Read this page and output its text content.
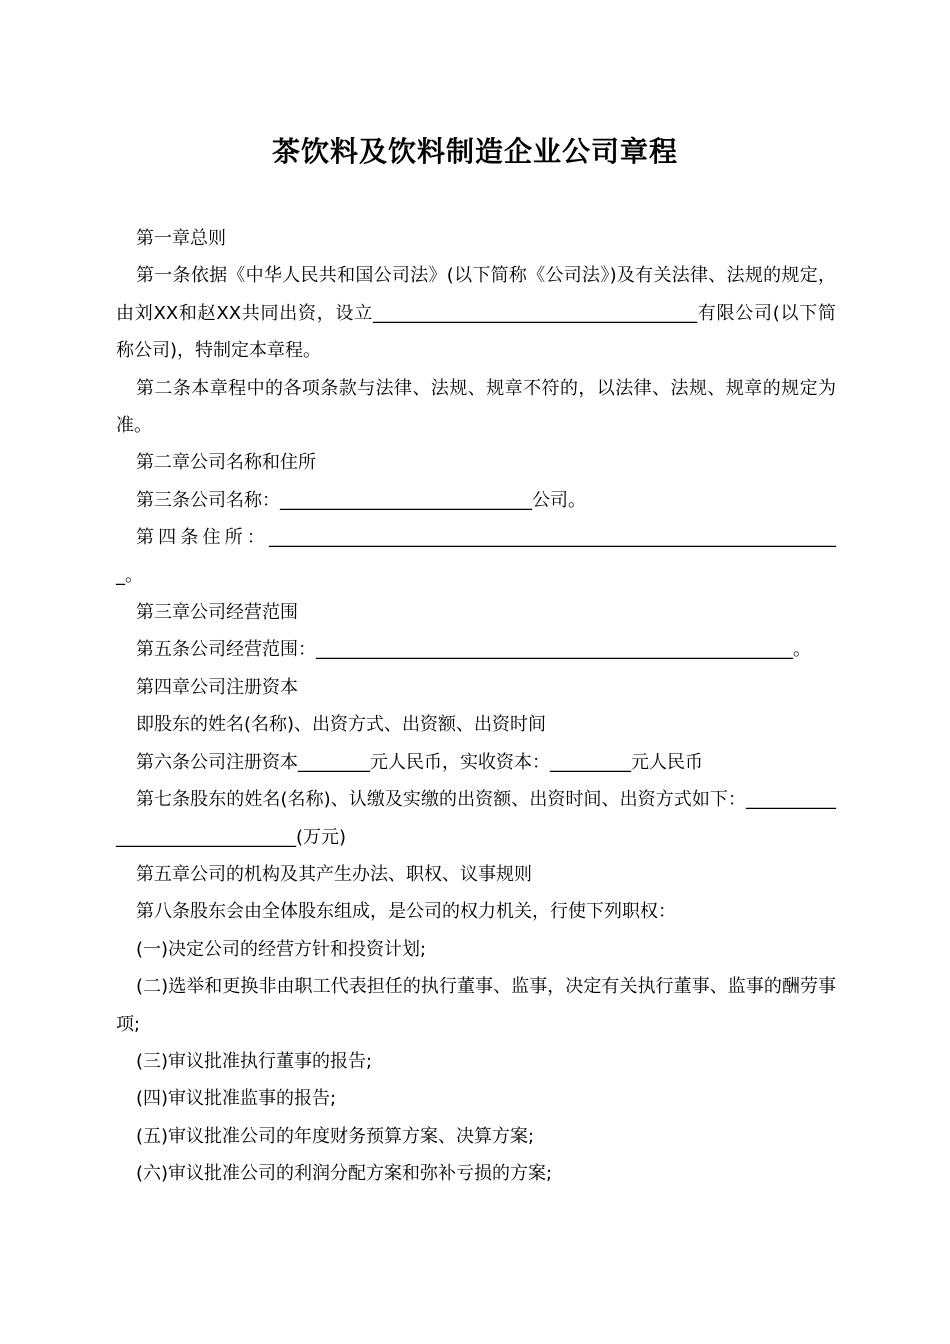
茶饮料及饮料制造企业公司章程

第一章总则

第一条依据《中华人民共和国公司法》(以下简称《公司法》)及有关法律、法规的规定，由刘XX和赵XX共同出资，设立____________________________________有限公司(以下简称公司)，特制定本章程。

第二条本章程中的各项条款与法律、法规、规章不符的，以法律、法规、规章的规定为准。

第二章公司名称和住所

第三条公司名称：____________________________公司。

第四条住所：________________________________________________________________。

第三章公司经营范围

第五条公司经营范围：_____________________________________________________。

第四章公司注册资本

即股东的姓名(名称)、出资方式、出资额、出资时间

第六条公司注册资本________元人民币，实收资本：_________元人民币

第七条股东的姓名(名称)、认缴及实缴的出资额、出资时间、出资方式如下：______________________________(万元)

第五章公司的机构及其产生办法、职权、议事规则

第八条股东会由全体股东组成，是公司的权力机关，行使下列职权：

(一)决定公司的经营方针和投资计划;

(二)选举和更换非由职工代表担任的执行董事、监事，决定有关执行董事、监事的酬劳事项;

(三)审议批准执行董事的报告;

(四)审议批准监事的报告;

(五)审议批准公司的年度财务预算方案、决算方案;

(六)审议批准公司的利润分配方案和弥补亏损的方案;
